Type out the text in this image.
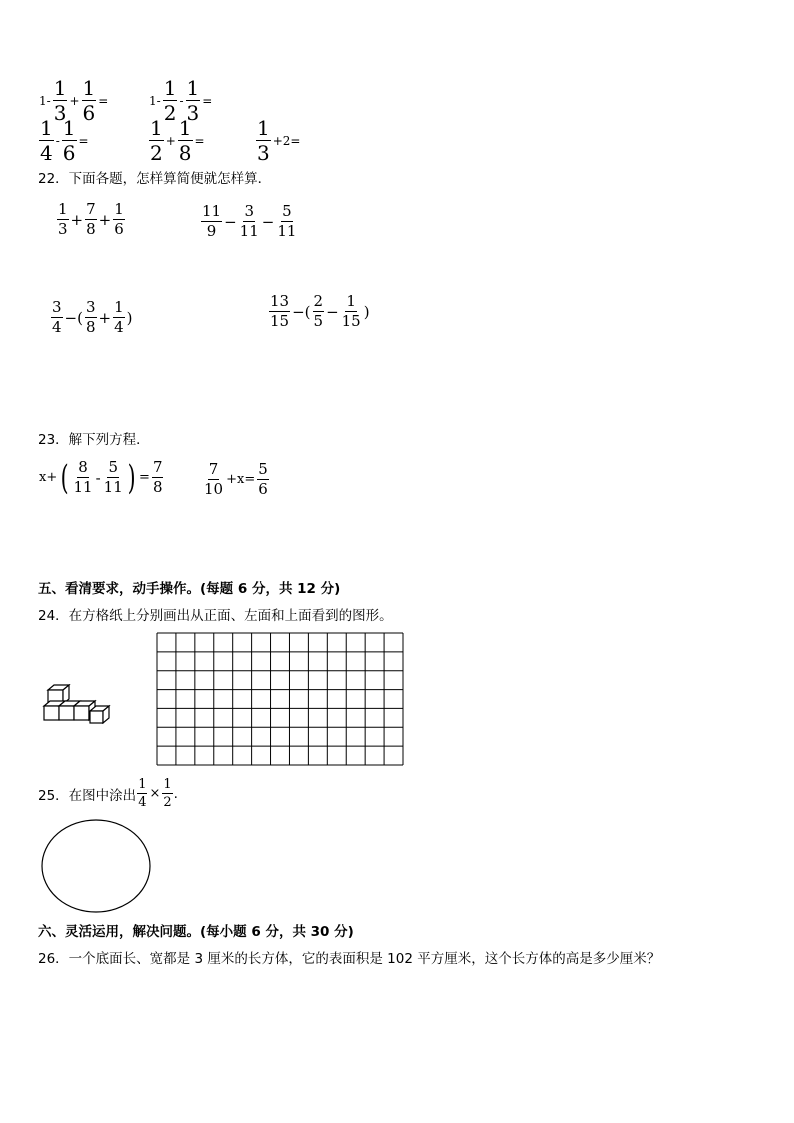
$1- \frac{1}{3} + \frac{1}{6}$ =	$1- \frac{1}{2} - \frac{1}{3}$ =
$\frac{1}{4} - \frac{1}{6}$ =	$\frac{1}{2} + \frac{1}{8}$ =	$\frac{1}{3} +2=$
22．下面各题，怎样算简便就怎样算．
$\frac{1}{3} + \frac{7}{8} + \frac{1}{6}$	$\frac{11}{9} - \frac{3}{11} - \frac{5}{11}$
$\frac{3}{4}$ −( $\frac{3}{8} + \frac{1}{4}$ )	$\frac{13}{15}$ −( $\frac{2}{5} - \frac{1}{15}$ )
23．解下列方程．
x+ ( $\frac{8}{11} - \frac{5}{11}$ ) = $\frac{7}{8}$	$\frac{7}{10} +x= \frac{5}{6}$
五、看清要求，动手操作。(每题 6 分，共 12 分)
24．在方格纸上分别画出从正面、左面和上面看到的图形。
25．在图中涂出 $\frac{1}{4} \times \frac{1}{2}$ .
六、灵活运用，解决问题。(每小题 6 分，共 30 分)
26．一个底面长、宽都是 3 厘米的长方体，它的表面积是 102 平方厘米，这个长方体的高是多少厘米？
